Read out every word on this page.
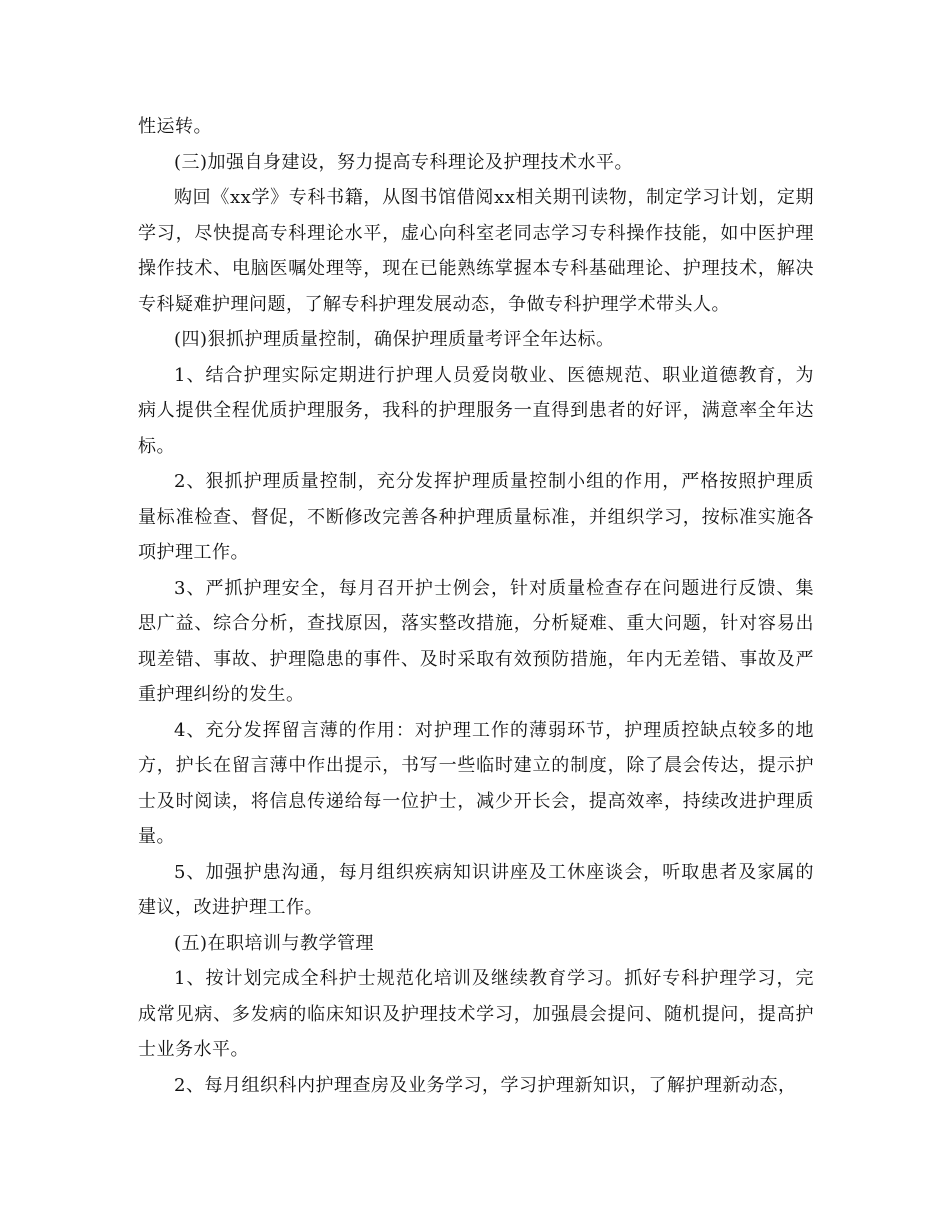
性运转。

(三)加强自身建设，努力提高专科理论及护理技术水平。

购回《xx学》专科书籍，从图书馆借阅xx相关期刊读物，制定学习计划，定期学习，尽快提高专科理论水平，虚心向科室老同志学习专科操作技能，如中医护理操作技术、电脑医嘱处理等，现在已能熟练掌握本专科基础理论、护理技术，解决专科疑难护理问题，了解专科护理发展动态，争做专科护理学术带头人。

(四)狠抓护理质量控制，确保护理质量考评全年达标。

1、结合护理实际定期进行护理人员爱岗敬业、医德规范、职业道德教育，为病人提供全程优质护理服务，我科的护理服务一直得到患者的好评，满意率全年达标。

2、狠抓护理质量控制，充分发挥护理质量控制小组的作用，严格按照护理质量标准检查、督促，不断修改完善各种护理质量标准，并组织学习，按标准实施各项护理工作。

3、严抓护理安全，每月召开护士例会，针对质量检查存在问题进行反馈、集思广益、综合分析，查找原因，落实整改措施，分析疑难、重大问题，针对容易出现差错、事故、护理隐患的事件、及时采取有效预防措施，年内无差错、事故及严重护理纠纷的发生。

4、充分发挥留言薄的作用：对护理工作的薄弱环节，护理质控缺点较多的地方，护长在留言薄中作出提示，书写一些临时建立的制度，除了晨会传达，提示护士及时阅读，将信息传递给每一位护士，减少开长会，提高效率，持续改进护理质量。

5、加强护患沟通，每月组织疾病知识讲座及工休座谈会，听取患者及家属的建议，改进护理工作。

(五)在职培训与教学管理

1、按计划完成全科护士规范化培训及继续教育学习。抓好专科护理学习，完成常见病、多发病的临床知识及护理技术学习，加强晨会提问、随机提问，提高护士业务水平。

2、每月组织科内护理查房及业务学习，学习护理新知识，了解护理新动态，
